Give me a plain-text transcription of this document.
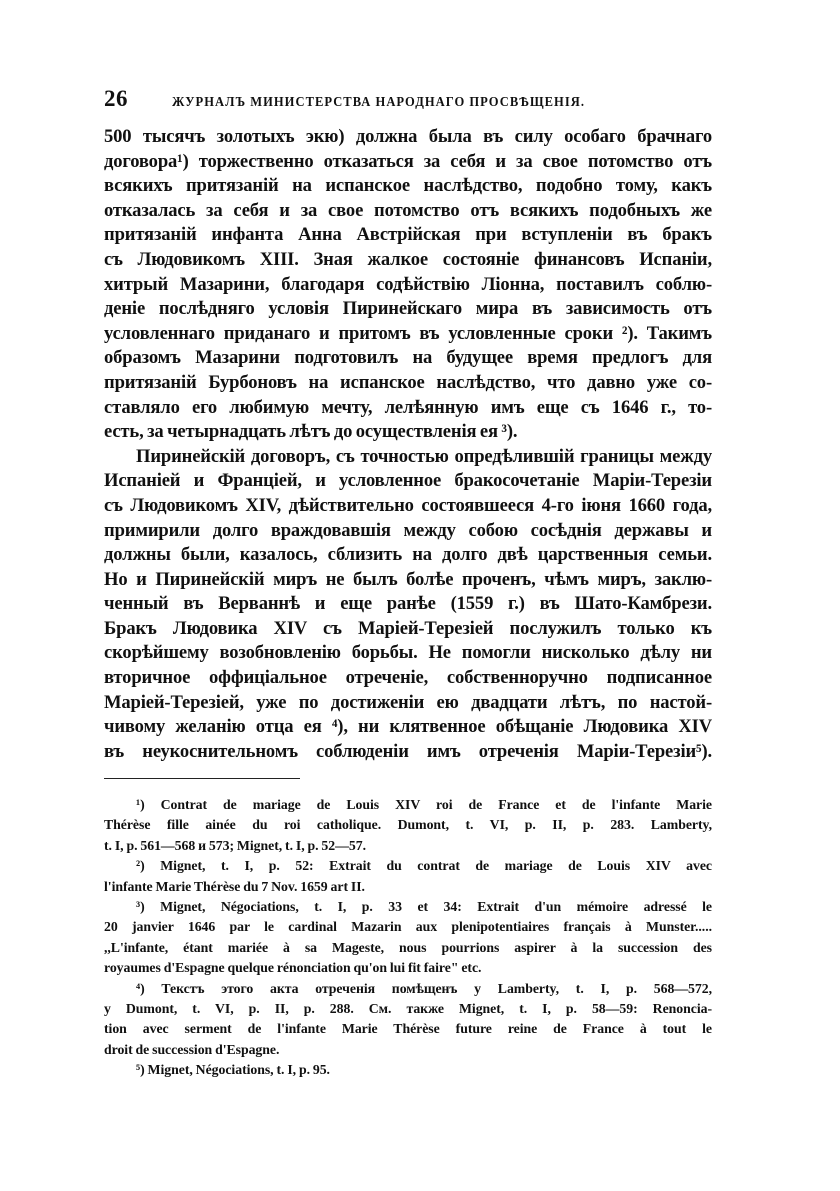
26	ЖУРНАЛЪ МИНИСТЕРСТВА НАРОДНАГО ПРОСВѢЩЕНІЯ.
500 тысячъ золотыхъ экю) должна была въ силу особаго брачнаго
договора¹) торжественно отказаться за себя и за свое потомство отъ
всякихъ притязаній на испанское наслѣдство, подобно тому, какъ
отказалась за себя и за свое потомство отъ всякихъ подобныхъ же
притязаній инфанта Анна Австрійская при вступленіи въ бракъ
съ Людовикомъ XIII. Зная жалкое состояніе финансовъ Испаніи,
хитрый Мазарини, благодаря содѣйствію Ліонна, поставилъ соблю-
деніе послѣдняго условія Пиринейскаго мира въ зависимость отъ
условленнаго приданаго и притомъ въ условленные сроки ²). Такимъ
образомъ Мазарини подготовилъ на будущее время предлогъ для
притязаній Бурбоновъ на испанское наслѣдство, что давно уже со-
ставляло его любимую мечту, лелѣянную имъ еще съ 1646 г., то-
есть, за четырнадцать лѣтъ до осуществленія ея ³).
Пиринейскій договоръ, съ точностью опредѣлившій границы между
Испаніей и Франціей, и условленное бракосочетаніе Маріи-Терезіи
съ Людовикомъ XIV, дѣйствительно состоявшееся 4-го іюня 1660 года,
примирили долго враждовавшія между собою сосѣднія державы и
должны были, казалось, сблизить на долго двѣ царственныя семьи.
Но и Пиринейскій миръ не былъ болѣе проченъ, чѣмъ миръ, заклю-
ченный въ Верваннѣ и еще ранѣе (1559 г.) въ Шато-Камбрези.
Бракъ Людовика XIV съ Маріей-Терезіей послужилъ только къ
скорѣйшему возобновленію борьбы. Не помогли нисколько дѣлу ни
вторичное оффиціальное отреченіе, собственноручно подписанное
Маріей-Терезіей, уже по достиженіи ею двадцати лѣтъ, по настой-
чивому желанію отца ея ⁴), ни клятвенное обѣщаніе Людовика XIV
въ неукоснительномъ соблюденіи имъ отреченія Маріи-Терезіи⁵).
¹) Contrat de mariage de Louis XIV roi de France et de l'infante Marie
Thérèse fille ainée du roi catholique. Dumont, t. VI, p. II, p. 283. Lamberty,
t. I, p. 561—568 и 573; Mignet, t. I, p. 52—57.
²) Mignet, t. I, p. 52: Extrait du contrat de mariage de Louis XIV avec
l'infante Marie Thérèse du 7 Nov. 1659 art II.
³) Mignet, Négociations, t. I, p. 33 et 34: Extrait d'un mémoire adressé le
20 janvier 1646 par le cardinal Mazarin aux plenipotentiaires français à Munster.....
,,L'infante, étant mariée à sa Mageste, nous pourrions aspirer à la succession des
royaumes d'Espagne quelque rénonciation qu'on lui fit faire" etc.
⁴) Текстъ этого акта отреченія помѣщенъ у Lamberty, t. I, p. 568—572,
у Dumont, t. VI, p. II, p. 288. См. также Mignet, t. I, p. 58—59: Renoncia-
tion avec serment de l'infante Marie Thérèse future reine de France à tout le
droit de succession d'Espagne.
⁵) Mignet, Négociations, t. I, p. 95.
